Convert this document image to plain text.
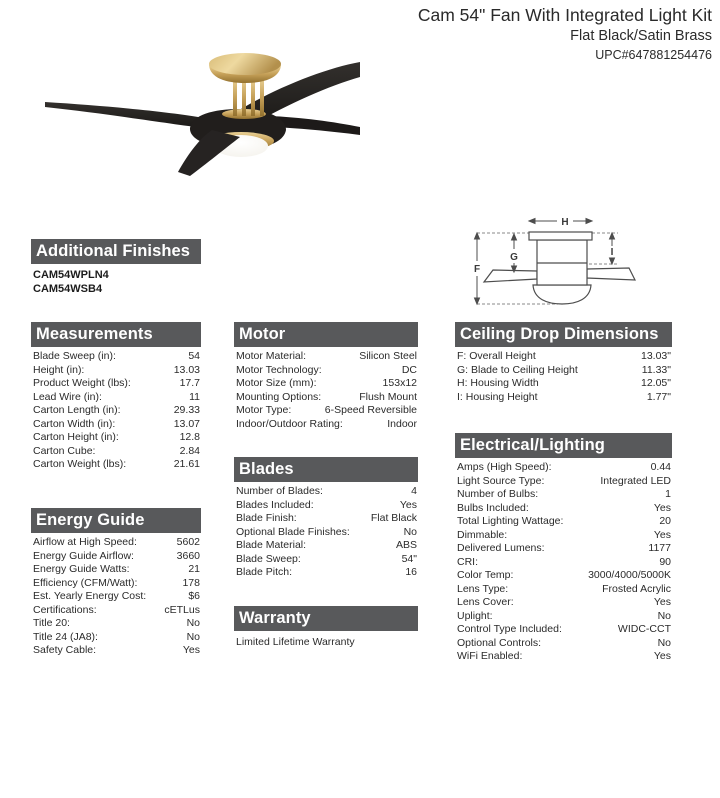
Cam 54" Fan With Integrated Light Kit
Flat Black/Satin Brass
UPC#647881254476
H
F
G	I
Additional Finishes
CAM54WPLN4
CAM54WSB4
Measurements
Blade Sweep (in):	54
Height (in):	13.03
Product Weight (lbs):	17.7
Lead Wire (in):	11
Carton Length (in):	29.33
Carton Width (in):	13.07
Carton Height (in):	12.8
Carton Cube:	2.84
Carton Weight (lbs):	21.61
Energy Guide
Airflow at High Speed:	5602
Energy Guide Airflow:	3660
Energy Guide Watts:	21
Efficiency (CFM/Watt):	178
Est. Yearly Energy Cost:	$6
Certifications:	cETLus
Title 20:	No
Title 24 (JA8):	No
Safety Cable:	Yes
Motor
Motor Material:	Silicon Steel
Motor Technology:	DC
Motor Size (mm):	153x12
Mounting Options:	Flush Mount
Motor Type:	6-Speed Reversible
Indoor/Outdoor Rating:	Indoor
Blades
Number of Blades:	4
Blades Included:	Yes
Blade Finish:	Flat Black
Optional Blade Finishes:	No
Blade Material:	ABS
Blade Sweep:	54"
Blade Pitch:	16
Warranty
Limited Lifetime Warranty
Ceiling Drop Dimensions
F: Overall Height	13.03"
G: Blade to Ceiling Height	11.33"
H: Housing Width	12.05"
I: Housing Height	1.77"
Electrical/Lighting
Amps (High Speed):	0.44
Light Source Type:	Integrated LED
Number of Bulbs:	1
Bulbs Included:	Yes
Total Lighting Wattage:	20
Dimmable:	Yes
Delivered Lumens:	1177
CRI:	90
Color Temp:	3000/4000/5000K
Lens Type:	Frosted Acrylic
Lens Cover:	Yes
Uplight:	No
Control Type Included:	WIDC-CCT
Optional Controls:	No
WiFi Enabled:	Yes
